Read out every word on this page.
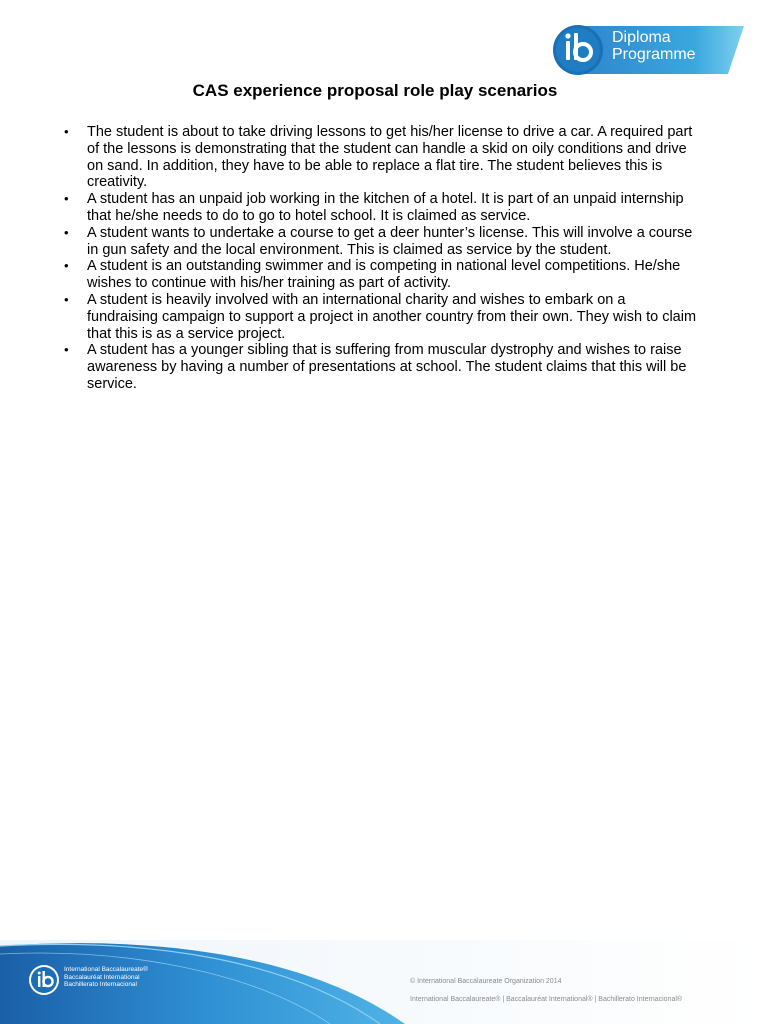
Diploma
Programme
CAS experience proposal role play scenarios
•	The student is about to take driving lessons to get his/her license to drive a car. A required part of the lessons is demonstrating that the student can handle a skid on oily conditions and drive on sand. In addition, they have to be able to replace a flat tire. The student believes this is creativity.
•	A student has an unpaid job working in the kitchen of a hotel. It is part of an unpaid internship that he/she needs to do to go to hotel school. It is claimed as service.
•	A student wants to undertake a course to get a deer hunter’s license. This will involve a course in gun safety and the local environment. This is claimed as service by the student.
•	A student is an outstanding swimmer and is competing in national level competitions. He/she wishes to continue with his/her training as part of activity.
•	A student is heavily involved with an international charity and wishes to embark on a fundraising campaign to support a project in another country from their own. They wish to claim that this is as a service project.
•	A student has a younger sibling that is suffering from muscular dystrophy and wishes to raise awareness by having a number of presentations at school. The student claims that this will be service.
International Baccalaureate®
Baccalauréat International
Bachillerato Internacional	© International Baccalaureate Organization 2014
International Baccalaureate® | Baccalauréat International® | Bachillerato Internacional®
